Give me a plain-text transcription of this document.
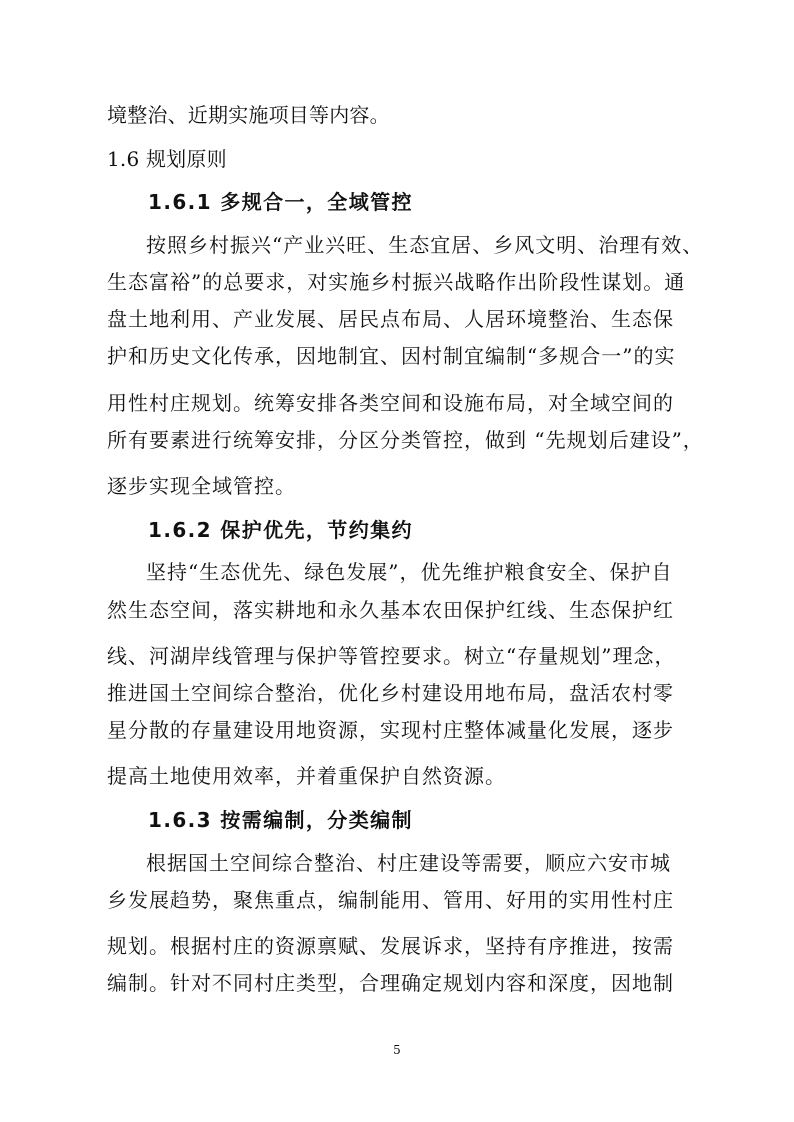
境整治、近期实施项目等内容。
1.6 规划原则
1.6.1 多规合一，全域管控
按照乡村振兴“产业兴旺、生态宜居、乡风文明、治理有效、
生态富裕”的总要求，对实施乡村振兴战略作出阶段性谋划。通
盘土地利用、产业发展、居民点布局、人居环境整治、生态保
护和历史文化传承，因地制宜、因村制宜编制“多规合一”的实
用性村庄规划。统筹安排各类空间和设施布局，对全域空间的
所有要素进行统筹安排，分区分类管控，做到 “先规划后建设”，
逐步实现全域管控。
1.6.2 保护优先，节约集约
坚持“生态优先、绿色发展”，优先维护粮食安全、保护自
然生态空间，落实耕地和永久基本农田保护红线、生态保护红
线、河湖岸线管理与保护等管控要求。树立“存量规划”理念，
推进国土空间综合整治，优化乡村建设用地布局，盘活农村零
星分散的存量建设用地资源，实现村庄整体减量化发展，逐步
提高土地使用效率，并着重保护自然资源。
1.6.3 按需编制，分类编制
根据国土空间综合整治、村庄建设等需要，顺应六安市城
乡发展趋势，聚焦重点，编制能用、管用、好用的实用性村庄
规划。根据村庄的资源禀赋、发展诉求，坚持有序推进，按需
编制。针对不同村庄类型，合理确定规划内容和深度，因地制
5
